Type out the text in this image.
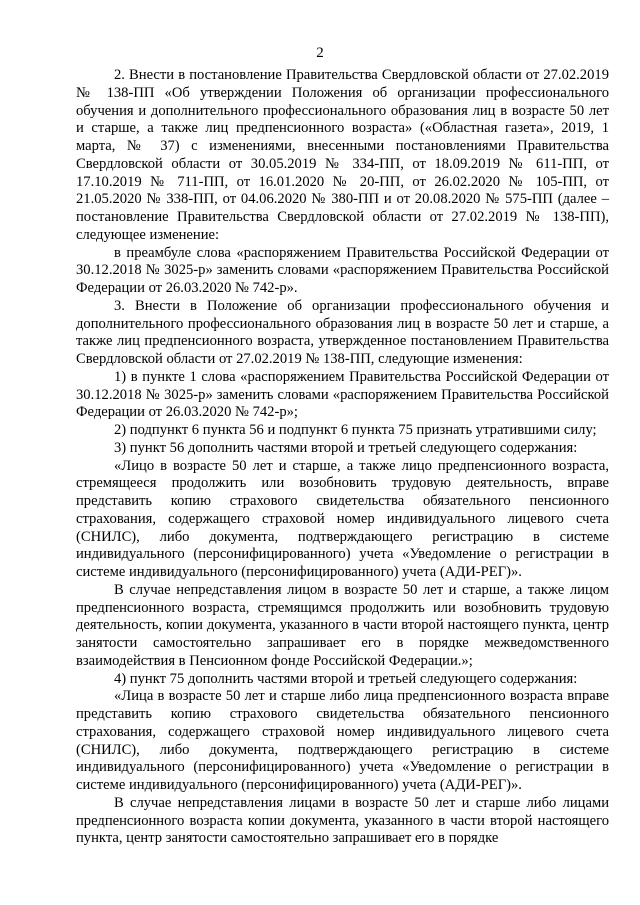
2

2. Внести в постановление Правительства Свердловской области от 27.02.2019 № 138-ПП «Об утверждении Положения об организации профессионального обучения и дополнительного профессионального образования лиц в возрасте 50 лет и старше, а также лиц предпенсионного возраста» («Областная газета», 2019, 1 марта, № 37) с изменениями, внесенными постановлениями Правительства Свердловской области от 30.05.2019 № 334-ПП, от 18.09.2019 № 611-ПП, от 17.10.2019 № 711-ПП, от 16.01.2020 № 20-ПП, от 26.02.2020 № 105-ПП, от 21.05.2020 № 338-ПП, от 04.06.2020 № 380-ПП и от 20.08.2020 № 575-ПП (далее – постановление Правительства Свердловской области от 27.02.2019 № 138-ПП), следующее изменение:

в преамбуле слова «распоряжением Правительства Российской Федерации от 30.12.2018 № 3025-р» заменить словами «распоряжением Правительства Российской Федерации от 26.03.2020 № 742-р».

3. Внести в Положение об организации профессионального обучения и дополнительного профессионального образования лиц в возрасте 50 лет и старше, а также лиц предпенсионного возраста, утвержденное постановлением Правительства Свердловской области от 27.02.2019 № 138-ПП, следующие изменения:

1) в пункте 1 слова «распоряжением Правительства Российской Федерации от 30.12.2018 № 3025-р» заменить словами «распоряжением Правительства Российской Федерации от 26.03.2020 № 742-р»;

2) подпункт 6 пункта 56 и подпункт 6 пункта 75 признать утратившими силу;

3) пункт 56 дополнить частями второй и третьей следующего содержания:

«Лицо в возрасте 50 лет и старше, а также лицо предпенсионного возраста, стремящееся продолжить или возобновить трудовую деятельность, вправе представить копию страхового свидетельства обязательного пенсионного страхования, содержащего страховой номер индивидуального лицевого счета (СНИЛС), либо документа, подтверждающего регистрацию в системе индивидуального (персонифицированного) учета «Уведомление о регистрации в системе индивидуального (персонифицированного) учета (АДИ-РЕГ)».

В случае непредставления лицом в возрасте 50 лет и старше, а также лицом предпенсионного возраста, стремящимся продолжить или возобновить трудовую деятельность, копии документа, указанного в части второй настоящего пункта, центр занятости самостоятельно запрашивает его в порядке межведомственного взаимодействия в Пенсионном фонде Российской Федерации.»;

4) пункт 75 дополнить частями второй и третьей следующего содержания:

«Лица в возрасте 50 лет и старше либо лица предпенсионного возраста вправе представить копию страхового свидетельства обязательного пенсионного страхования, содержащего страховой номер индивидуального лицевого счета (СНИЛС), либо документа, подтверждающего регистрацию в системе индивидуального (персонифицированного) учета «Уведомление о регистрации в системе индивидуального (персонифицированного) учета (АДИ-РЕГ)».

В случае непредставления лицами в возрасте 50 лет и старше либо лицами предпенсионного возраста копии документа, указанного в части второй настоящего пункта, центр занятости самостоятельно запрашивает его в порядке
